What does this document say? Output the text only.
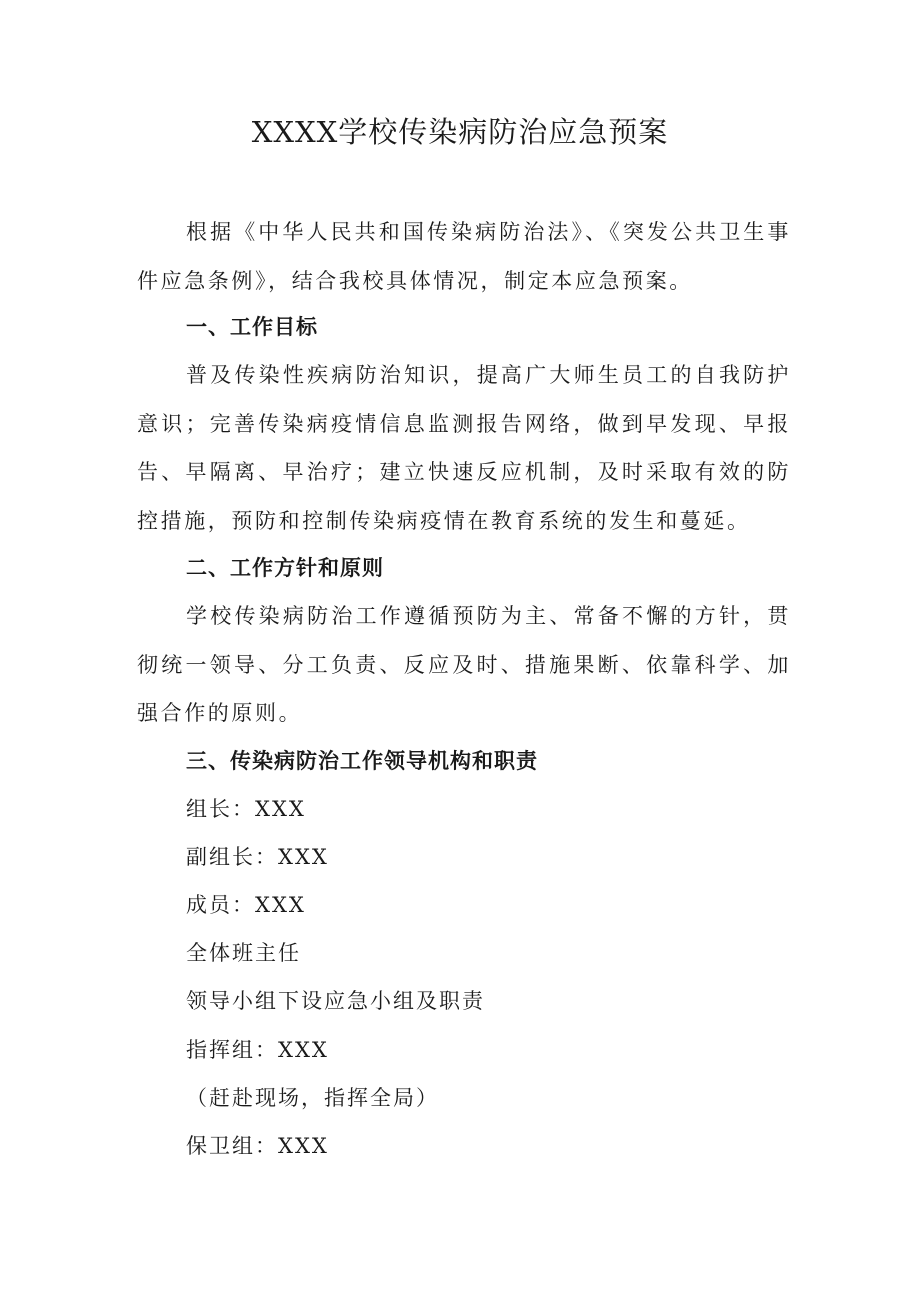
XXXX学校传染病防治应急预案

根据《中华人民共和国传染病防治法》、《突发公共卫生事件应急条例》，结合我校具体情况，制定本应急预案。

一、工作目标

普及传染性疾病防治知识，提高广大师生员工的自我防护意识；完善传染病疫情信息监测报告网络，做到早发现、早报告、早隔离、早治疗；建立快速反应机制，及时采取有效的防控措施，预防和控制传染病疫情在教育系统的发生和蔓延。

二、工作方针和原则

学校传染病防治工作遵循预防为主、常备不懈的方针，贯彻统一领导、分工负责、反应及时、措施果断、依靠科学、加强合作的原则。

三、传染病防治工作领导机构和职责

组长：XXX

副组长：XXX

成员：XXX

全体班主任

领导小组下设应急小组及职责

指挥组：XXX

（赶赴现场，指挥全局）

保卫组：XXX
